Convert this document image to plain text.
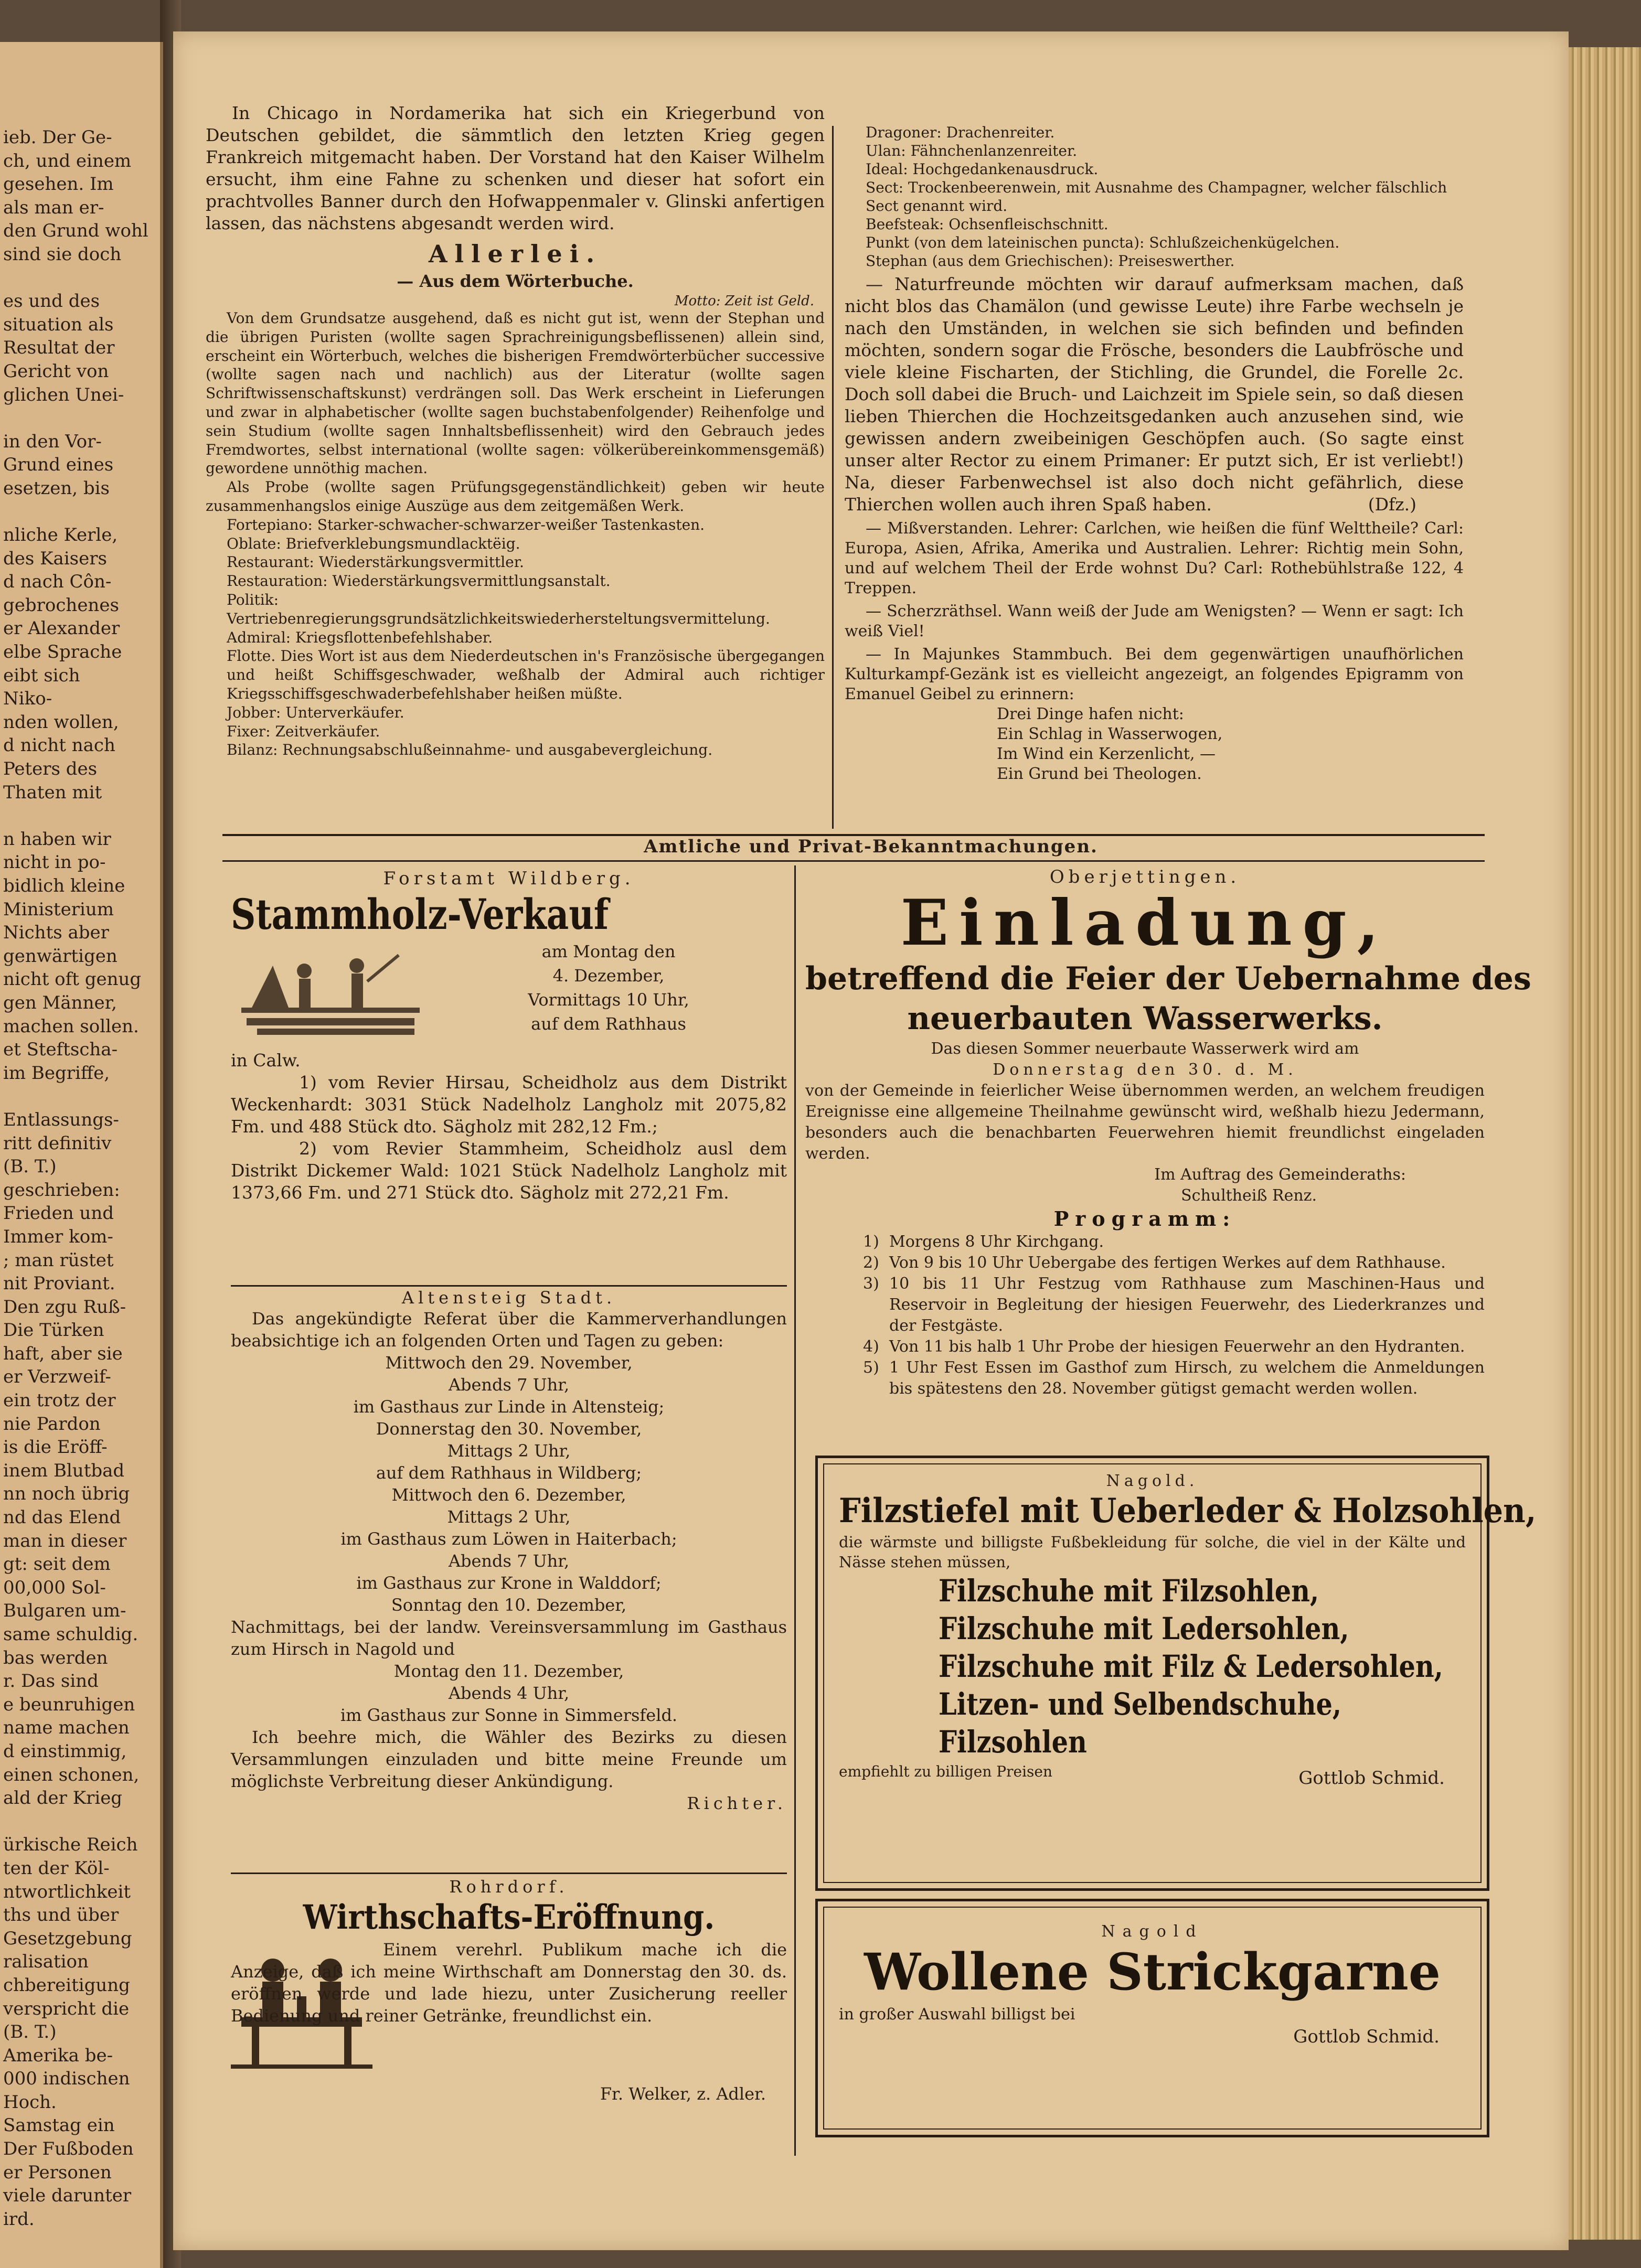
ieb. Der Ge-
ch, und einem
gesehen. Im
als man er-
den Grund wohl
sind sie doch
es und des
situation als
Resultat der
Gericht von
glichen Unei-
in den Vor-
Grund eines
esetzen, bis
nliche Kerle,
des Kaisers
d nach Côn-
gebrochenes
er Alexander
elbe Sprache
eibt sich
Niko-
nden wollen,
d nicht nach
Peters des
Thaten mit
n haben wir
nicht in po-
bidlich kleine
Ministerium
Nichts aber
genwärtigen
nicht oft genug
gen Männer,
machen sollen.
et Steftscha-
im Begriffe,
Entlassungs-
ritt definitiv
(B. T.)
geschrieben:
Frieden und
Immer kom-
; man rüstet
nit Proviant.
Den zgu Ruß-
Die Türken
haft, aber sie
er Verzweif-
ein trotz der
nie Pardon
is die Eröff-
inem Blutbad
nn noch übrig
nd das Elend
man in dieser
gt: seit dem
00,000 Sol-
Bulgaren um-
same schuldig.
bas werden
r. Das sind
e beunruhigen
name machen
d einstimmig,
einen schonen,
ald der Krieg
ürkische Reich
ten der Köl-
ntwortlichkeit
ths und über
Gesetzgebung
ralisation
chbereitigung
verspricht die
(B. T.)
Amerika be-
000 indischen
Hoch.
Samstag ein
Der Fußboden
er Personen
viele darunter
ird.

In Chicago in Nordamerika hat sich ein Kriegerbund von Deutschen gebildet, die sämmtlich den letzten Krieg gegen Frankreich mitgemacht haben. Der Vorstand hat den Kaiser Wilhelm ersucht, ihm eine Fahne zu schenken und dieser hat sofort ein prachtvolles Banner durch den Hofwappenmaler v. Glinski anfertigen lassen, das nächstens abgesandt werden wird.

Allerlei.
— Aus dem Wörterbuche.
Motto: Zeit ist Geld.

Von dem Grundsatze ausgehend, daß es nicht gut ist, wenn der Stephan und die übrigen Puristen (wollte sagen Sprachreinigungsbeflissenen) allein sind, erscheint ein Wörterbuch, welches die bisherigen Fremdwörterbücher successive (wollte sagen nach und nachlich) aus der Literatur (wollte sagen Schriftwissenschaftskunst) verdrängen soll. Das Werk erscheint in Lieferungen und zwar in alphabetischer (wollte sagen buchstabenfolgender) Reihenfolge und sein Studium (wollte sagen Innhaltsbeflissenheit) wird den Gebrauch jedes Fremdwortes, selbst international (wollte sagen: völkerübereinkommensgemäß) gewordene unnöthig machen.

Als Probe (wollte sagen Prüfungsgegenständlichkeit) geben wir heute zusammenhangslos einige Auszüge aus dem zeitgemäßen Werk.

Fortepiano: Starker-schwacher-schwarzer-weißer Tastenkasten.
Oblate: Briefverklebungsmundlacktëig.
Restaurant: Wiederstärkungsvermittler.
Restauration: Wiederstärkungsvermittlungsanstalt.
Politik: Vertriebenregierungsgrundsätzlichkeitswiederhersteltungsvermittelung.
Admiral: Kriegsflottenbefehlshaber.
Flotte. Dies Wort ist aus dem Niederdeutschen in's Französische übergegangen und heißt Schiffsgeschwader, weßhalb der Admiral auch richtiger Kriegsschiffsgeschwaderbefehlshaber heißen müßte.
Jobber: Unterverkäufer.
Fixer: Zeitverkäufer.
Bilanz: Rechnungsabschlußeinnahme- und ausgabevergleichung.
Dragoner: Drachenreiter.
Ulan: Fähnchenlanzenreiter.
Ideal: Hochgedankenausdruck.
Sect: Trockenbeerenwein, mit Ausnahme des Champagner, welcher fälschlich Sect genannt wird.
Beefsteak: Ochsenfleischschnitt.
Punkt (von dem lateinischen puncta): Schlußzeichenkügelchen.
Stephan (aus dem Griechischen): Preiseswerther.

— Naturfreunde möchten wir darauf aufmerksam machen, daß nicht blos das Chamälon (und gewisse Leute) ihre Farbe wechseln je nach den Umständen, in welchen sie sich befinden und befinden möchten, sondern sogar die Frösche, besonders die Laubfrösche und viele kleine Fischarten, der Stichling, die Grundel, die Forelle 2c. Doch soll dabei die Bruch- und Laichzeit im Spiele sein, so daß diesen lieben Thierchen die Hochzeitsgedanken auch anzusehen sind, wie gewissen andern zweibeinigen Geschöpfen auch. (So sagte einst unser alter Rector zu einem Primaner: Er putzt sich, Er ist verliebt!) Na, dieser Farbenwechsel ist also doch nicht gefährlich, diese Thierchen wollen auch ihren Spaß haben.	(Dfz.)

— Mißverstanden. Lehrer: Carlchen, wie heißen die fünf Welttheile? Carl: Europa, Asien, Afrika, Amerika und Australien. Lehrer: Richtig mein Sohn, und auf welchem Theil der Erde wohnst Du? Carl: Rothebühlstraße 122, 4 Treppen.

— Scherzräthsel. Wann weiß der Jude am Wenigsten? — Wenn er sagt: Ich weiß Viel!

— In Majunkes Stammbuch. Bei dem gegenwärtigen unaufhörlichen Kulturkampf-Gezänk ist es vielleicht angezeigt, an folgendes Epigramm von Emanuel Geibel zu erinnern:

Drei Dinge hafen nicht:
Ein Schlag in Wasserwogen,
Im Wind ein Kerzenlicht, —
Ein Grund bei Theologen.
Amtliche und Privat-Bekanntmachungen.
Forstamt Wildberg.
Stammholz-Verkauf
am Montag den
4. Dezember,
Vormittags 10 Uhr,
auf dem Rathhaus
in Calw.

1) vom Revier Hirsau, Scheidholz aus dem Distrikt Weckenhardt: 3031 Stück Nadelholz Langholz mit 2075,82 Fm. und 488 Stück dto. Sägholz mit 282,12 Fm.;

2) vom Revier Stammheim, Scheidholz ausl dem Distrikt Dickemer Wald: 1021 Stück Nadelholz Langholz mit 1373,66 Fm. und 271 Stück dto. Sägholz mit 272,21 Fm.

Altensteig Stadt.

Das angekündigte Referat über die Kammerverhandlungen beabsichtige ich an folgenden Orten und Tagen zu geben:

Mittwoch den 29. November,
Abends 7 Uhr,
im Gasthaus zur Linde in Altensteig;
Donnerstag den 30. November,
Mittags 2 Uhr,
auf dem Rathhaus in Wildberg;
Mittwoch den 6. Dezember,
Mittags 2 Uhr,
im Gasthaus zum Löwen in Haiterbach;
Abends 7 Uhr,
im Gasthaus zur Krone in Walddorf;
Sonntag den 10. Dezember,

Nachmittags, bei der landw. Vereinsversammlung im Gasthaus zum Hirsch in Nagold und

Montag den 11. Dezember,
Abends 4 Uhr,
im Gasthaus zur Sonne in Simmersfeld.

Ich beehre mich, die Wähler des Bezirks zu diesen Versammlungen einzuladen und bitte meine Freunde um möglichste Verbreitung dieser Ankündigung.

Richter.
Rohrdorf.
Wirthschafts-Eröffnung.

Einem verehrl. Publikum mache ich die Anzeige, daß ich meine Wirthschaft am Donnerstag den 30. ds. eröffnen werde und lade hiezu, unter Zusicherung reeller Bedienung und reiner Getränke, freundlichst ein.

Fr. Welker, z. Adler.
Oberjettingen.
Einladung,
betreffend die Feier der Uebernahme des
neuerbauten Wasserwerks.
Das diesen Sommer neuerbaute Wasserwerk wird am
Donnerstag den 30. d. M.

von der Gemeinde in feierlicher Weise übernommen werden, an welchem freudigen Ereignisse eine allgemeine Theilnahme gewünscht wird, weßhalb hiezu Jedermann, besonders auch die benachbarten Feuerwehren hiemit freundlichst eingeladen werden.

Im Auftrag des Gemeinderaths:
Schultheiß Renz.
Programm:
1) Morgens 8 Uhr Kirchgang.
2) Von 9 bis 10 Uhr Uebergabe des fertigen Werkes auf dem Rathhause.
3) 10 bis 11 Uhr Festzug vom Rathhause zum Maschinen-Haus und Reservoir in Begleitung der hiesigen Feuerwehr, des Liederkranzes und der Festgäste.
4) Von 11 bis halb 1 Uhr Probe der hiesigen Feuerwehr an den Hydranten.
5) 1 Uhr Fest Essen im Gasthof zum Hirsch, zu welchem die Anmeldungen bis spätestens den 28. November gütigst gemacht werden wollen.
Nagold.
Filzstiefel mit Ueberleder & Holzsohlen,

die wärmste und billigste Fußbekleidung für solche, die viel in der Kälte und Nässe stehen müssen,

Filzschuhe mit Filzsohlen,
Filzschuhe mit Ledersohlen,
Filzschuhe mit Filz & Ledersohlen,
Litzen- und Selbendschuhe,
Filzsohlen
empfiehlt zu billigen Preisen	Gottlob Schmid.
Nagold
Wollene Strickgarne
in großer Auswahl billigst bei
Gottlob Schmid.
